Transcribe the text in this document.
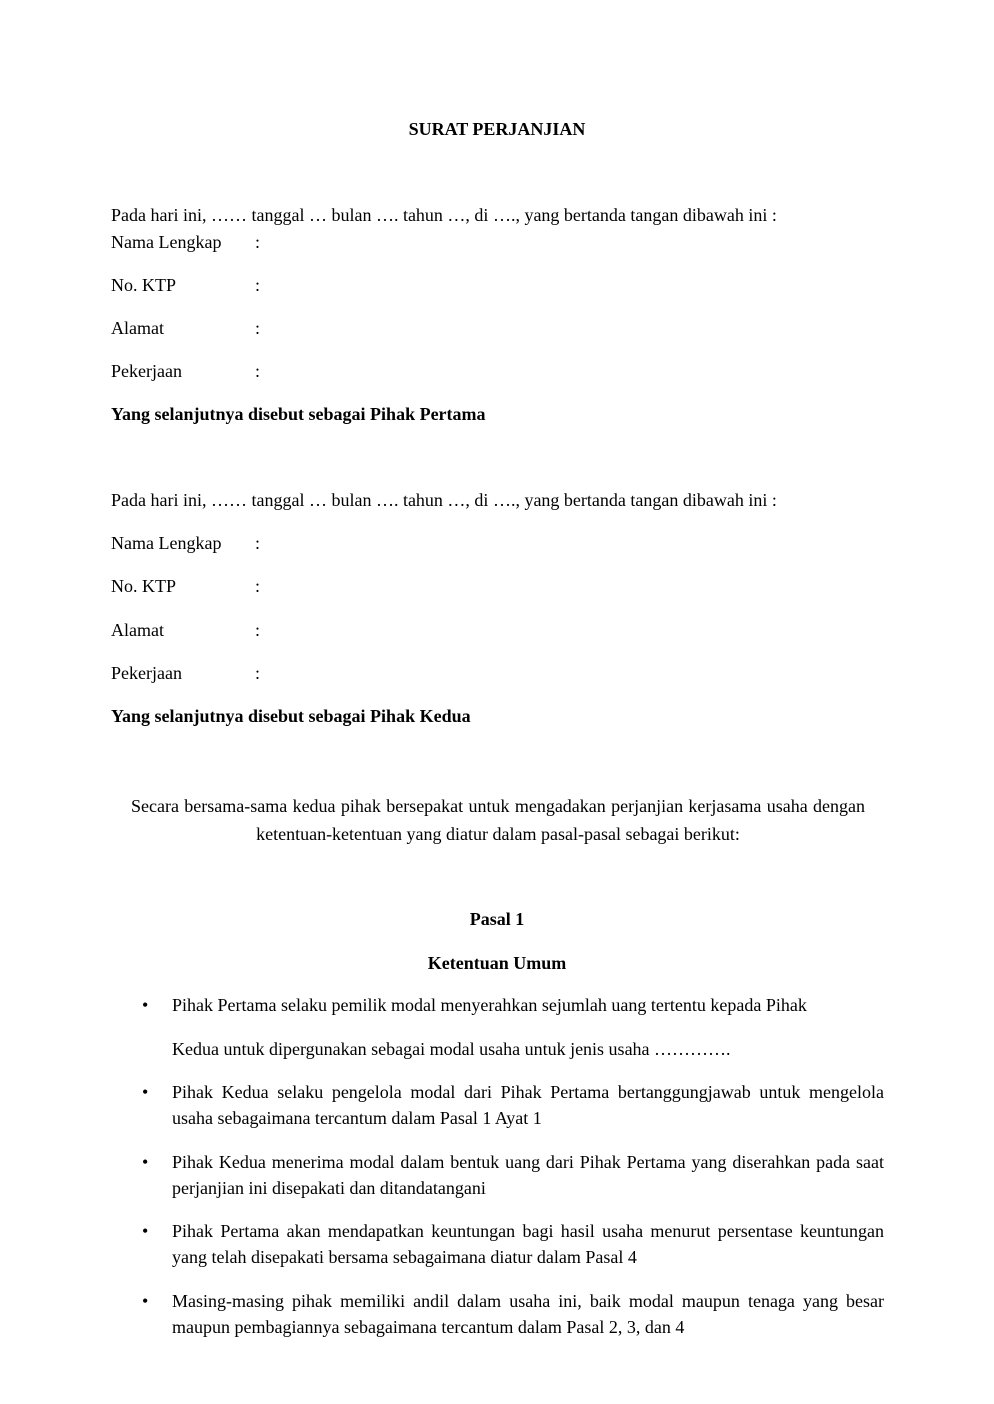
SURAT PERJANJIAN
Pada hari ini, …… tanggal … bulan …. tahun …, di …., yang bertanda tangan dibawah ini :
Nama Lengkap :
No. KTP	:
Alamat	:
Pekerjaan	:
Yang selanjutnya disebut sebagai Pihak Pertama
Pada hari ini, …… tanggal … bulan …. tahun …, di …., yang bertanda tangan dibawah ini :
Nama Lengkap :
No. KTP	:
Alamat	:
Pekerjaan	:
Yang selanjutnya disebut sebagai Pihak Kedua
Secara bersama-sama kedua pihak bersepakat untuk mengadakan perjanjian kerjasama usaha dengan ketentuan-ketentuan yang diatur dalam pasal-pasal sebagai berikut:
Pasal 1
Ketentuan Umum
• Pihak Pertama selaku pemilik modal menyerahkan sejumlah uang tertentu kepada Pihak
Kedua untuk dipergunakan sebagai modal usaha untuk jenis usaha ………….
• Pihak Kedua selaku pengelola modal dari Pihak Pertama bertanggungjawab untuk mengelola usaha sebagaimana tercantum dalam Pasal 1 Ayat 1
• Pihak Kedua menerima modal dalam bentuk uang dari Pihak Pertama yang diserahkan pada saat perjanjian ini disepakati dan ditandatangani
• Pihak Pertama akan mendapatkan keuntungan bagi hasil usaha menurut persentase keuntungan yang telah disepakati bersama sebagaimana diatur dalam Pasal 4
• Masing-masing pihak memiliki andil dalam usaha ini, baik modal maupun tenaga yang besar maupun pembagiannya sebagaimana tercantum dalam Pasal 2, 3, dan 4
